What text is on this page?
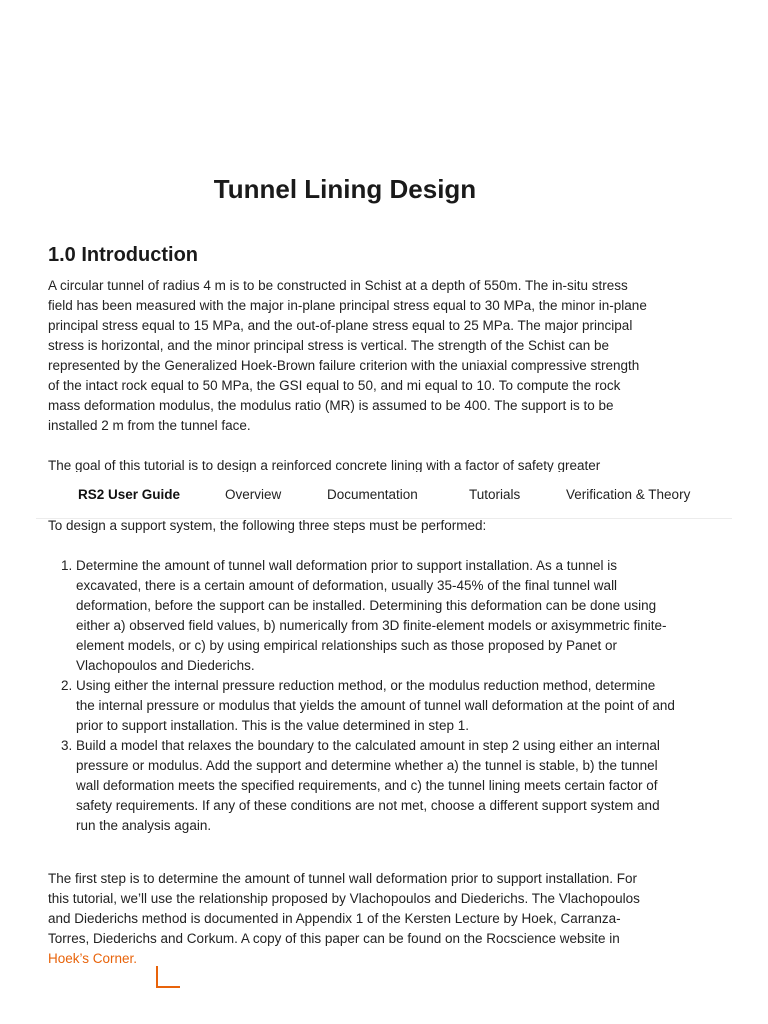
Tunnel Lining Design
1.0 Introduction

A circular tunnel of radius 4 m is to be constructed in Schist at a depth of 550m. The in-situ stress field has been measured with the major in-plane principal stress equal to 30 MPa, the minor in-plane principal stress equal to 15 MPa, and the out-of-plane stress equal to 25 MPa. The major principal stress is horizontal, and the minor principal stress is vertical. The strength of the Schist can be represented by the Generalized Hoek-Brown failure criterion with the uniaxial compressive strength of the intact rock equal to 50 MPa, the GSI equal to 50, and mi equal to 10. To compute the rock mass deformation modulus, the modulus ratio (MR) is assumed to be 400. The support is to be installed 2 m from the tunnel face.

The goal of this tutorial is to design a reinforced concrete lining with a factor of safety greater

RS2 User Guide	Overview	Documentation	Tutorials	Verification & Theory

To design a support system, the following three steps must be performed:

1. Determine the amount of tunnel wall deformation prior to support installation. As a tunnel is excavated, there is a certain amount of deformation, usually 35-45% of the final tunnel wall deformation, before the support can be installed. Determining this deformation can be done using either a) observed field values, b) numerically from 3D finite-element models or axisymmetric finite-element models, or c) by using empirical relationships such as those proposed by Panet or Vlachopoulos and Diederichs.
2. Using either the internal pressure reduction method, or the modulus reduction method, determine the internal pressure or modulus that yields the amount of tunnel wall deformation at the point of and prior to support installation. This is the value determined in step 1.
3. Build a model that relaxes the boundary to the calculated amount in step 2 using either an internal pressure or modulus. Add the support and determine whether a) the tunnel is stable, b) the tunnel wall deformation meets the specified requirements, and c) the tunnel lining meets certain factor of safety requirements. If any of these conditions are not met, choose a different support system and run the analysis again.

The first step is to determine the amount of tunnel wall deformation prior to support installation. For this tutorial, we’ll use the relationship proposed by Vlachopoulos and Diederichs. The Vlachopoulos and Diederichs method is documented in Appendix 1 of the Kersten Lecture by Hoek, Carranza-Torres, Diederichs and Corkum. A copy of this paper can be found on the Rocscience website in Hoek’s Corner.
